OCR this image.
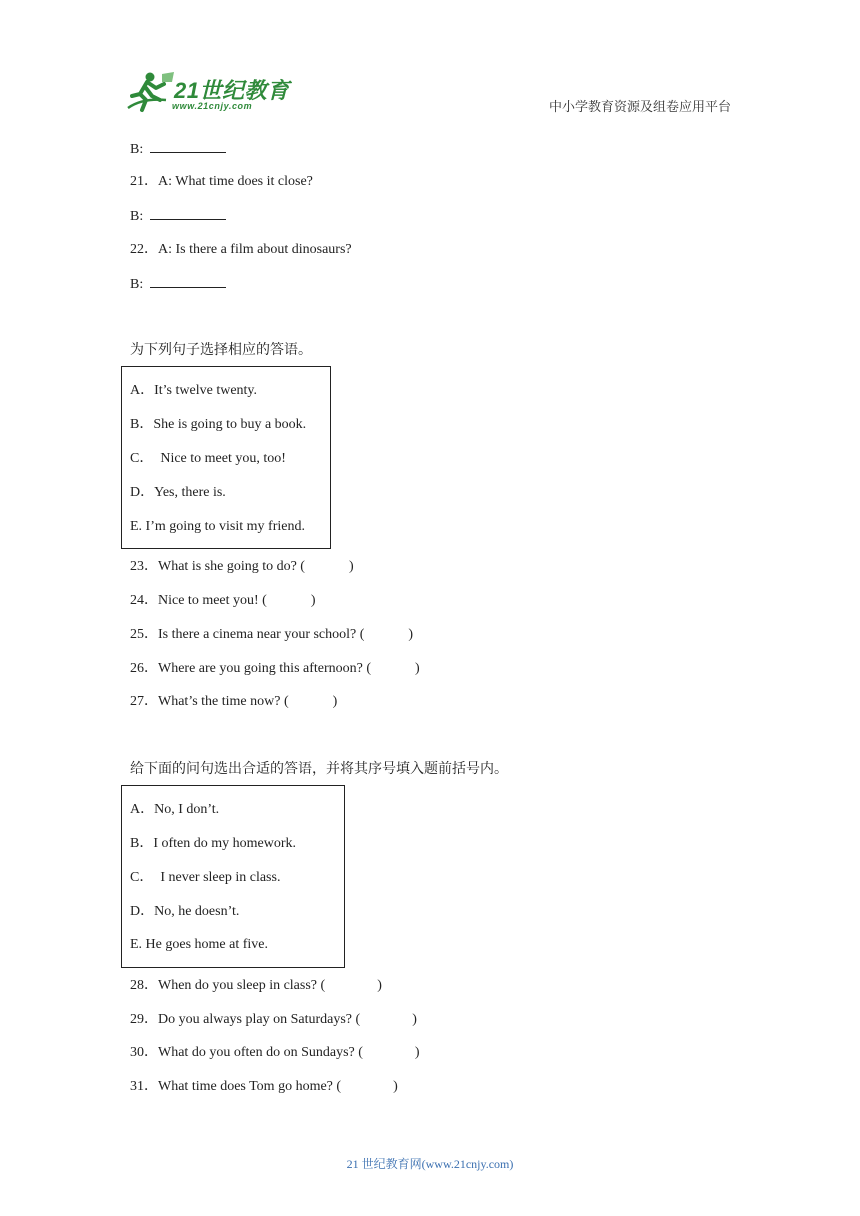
21世纪教育
www.21cnjy.com	中小学教育资源及组卷应用平台
B:
21．A: What time does it close?
B:
22．A: Is there a film about dinosaurs?
B:
为下列句子选择相应的答语。
A．It’s twelve twenty.
B．She is going to buy a book.
C．  Nice to meet you, too!
D．Yes, there is.
E. I’m going to visit my friend.
23．What is she going to do? (	)
24．Nice to meet you! (	)
25．Is there a cinema near your school? (	)
26．Where are you going this afternoon? (	)
27．What’s the time now? (	)
给下面的问句选出合适的答语，并将其序号填入题前括号内。
A．No, I don’t.
B．I often do my homework.
C．  I never sleep in class.
D．No, he doesn’t.
E. He goes home at five.
28．When do you sleep in class? (	)
29．Do you always play on Saturdays? (	)
30．What do you often do on Sundays? (	)
31．What time does Tom go home? (	)
21 世纪教育网(www.21cnjy.com)
